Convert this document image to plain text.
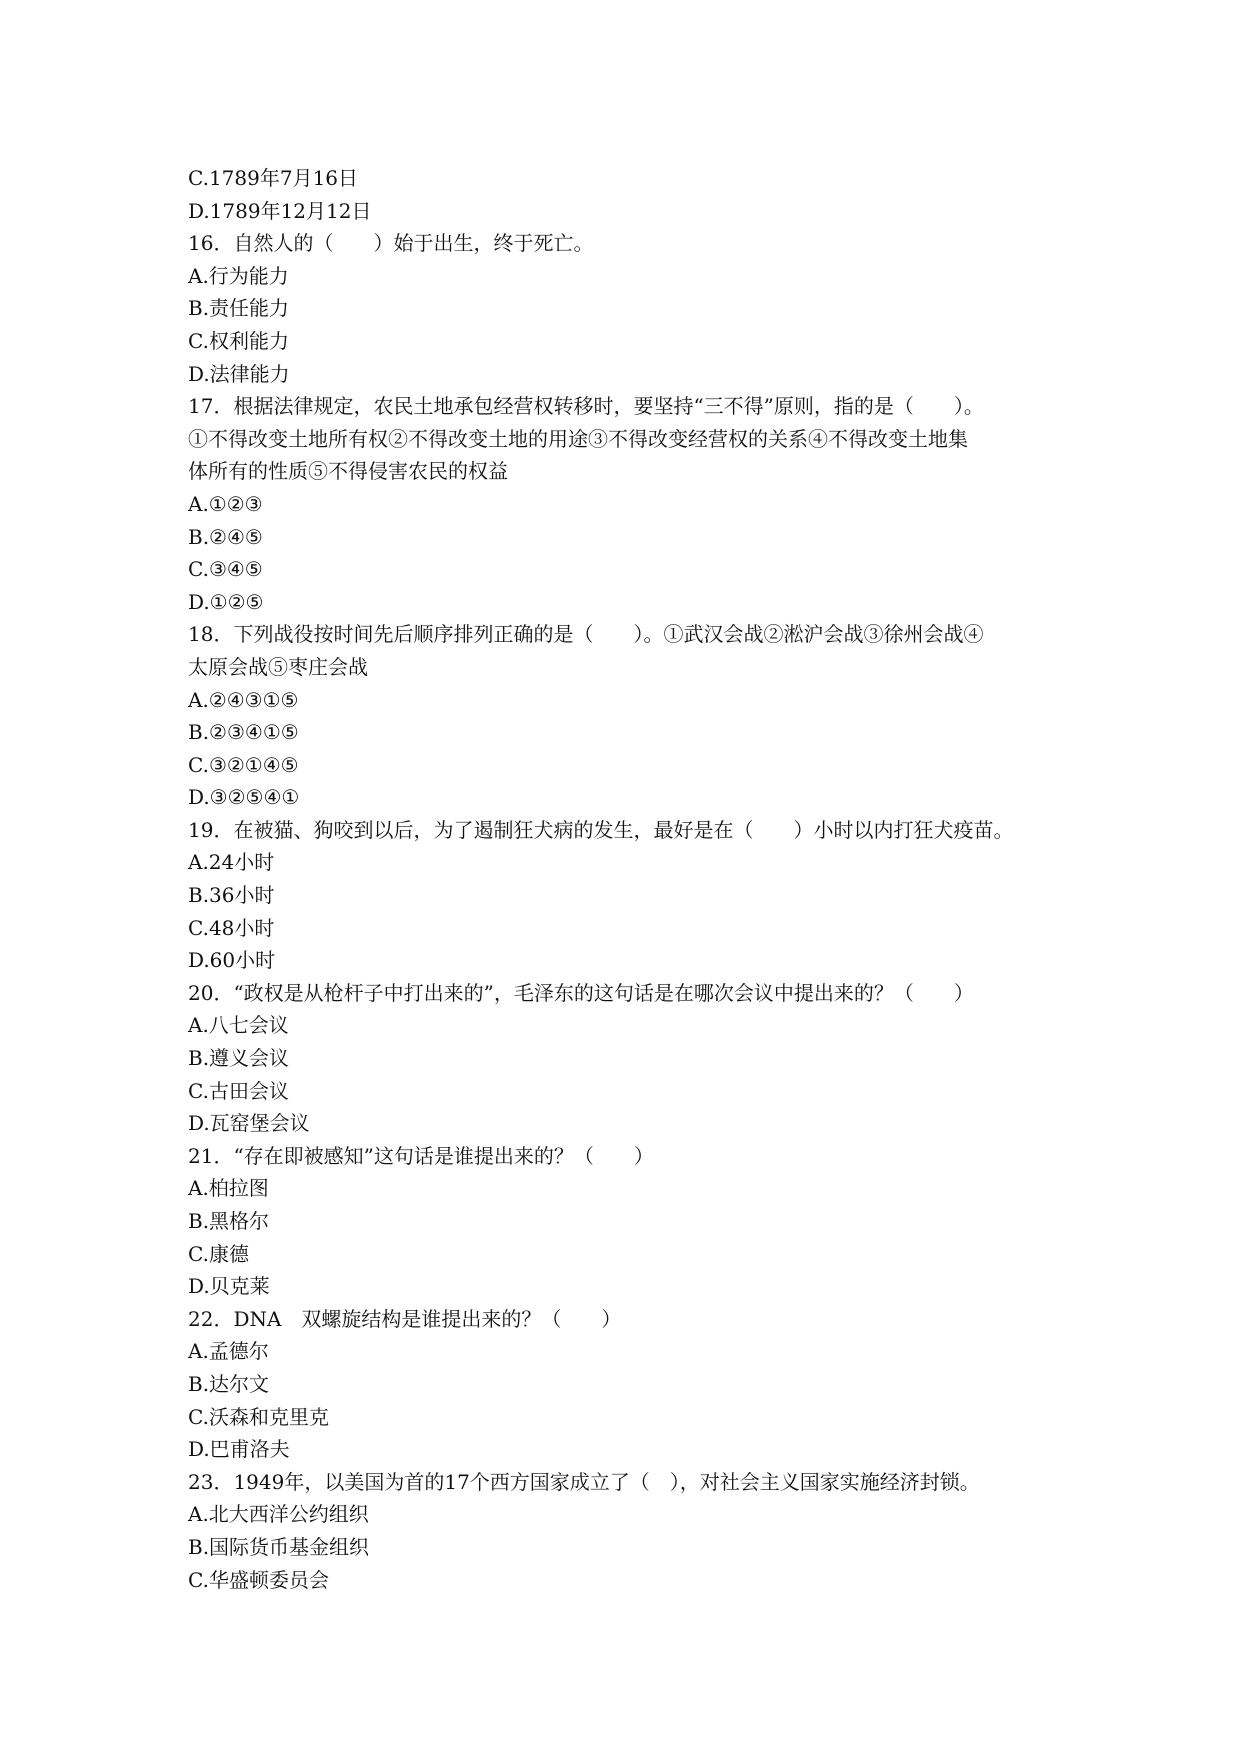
C.1789年7月16日
D.1789年12月12日
16．自然人的（　　）始于出生，终于死亡。
A.行为能力
B.责任能力
C.权利能力
D.法律能力
17．根据法律规定，农民土地承包经营权转移时，要坚持“三不得”原则，指的是（　　）。
①不得改变土地所有权②不得改变土地的用途③不得改变经营权的关系④不得改变土地集
体所有的性质⑤不得侵害农民的权益
A.①②③
B.②④⑤
C.③④⑤
D.①②⑤
18．下列战役按时间先后顺序排列正确的是（　　）。①武汉会战②淞沪会战③徐州会战④
太原会战⑤枣庄会战
A.②④③①⑤
B.②③④①⑤
C.③②①④⑤
D.③②⑤④①
19．在被猫、狗咬到以后，为了遏制狂犬病的发生，最好是在（　　）小时以内打狂犬疫苗。
A.24小时
B.36小时
C.48小时
D.60小时
20．“政权是从枪杆子中打出来的”，毛泽东的这句话是在哪次会议中提出来的？（　　）
A.八七会议
B.遵义会议
C.古田会议
D.瓦窑堡会议
21．“存在即被感知”这句话是谁提出来的？（　　）
A.柏拉图
B.黑格尔
C.康德
D.贝克莱
22．DNA　双螺旋结构是谁提出来的？（　　）
A.孟德尔
B.达尔文
C.沃森和克里克
D.巴甫洛夫
23．1949年，以美国为首的17个西方国家成立了（　），对社会主义国家实施经济封锁。
A.北大西洋公约组织
B.国际货币基金组织
C.华盛顿委员会
